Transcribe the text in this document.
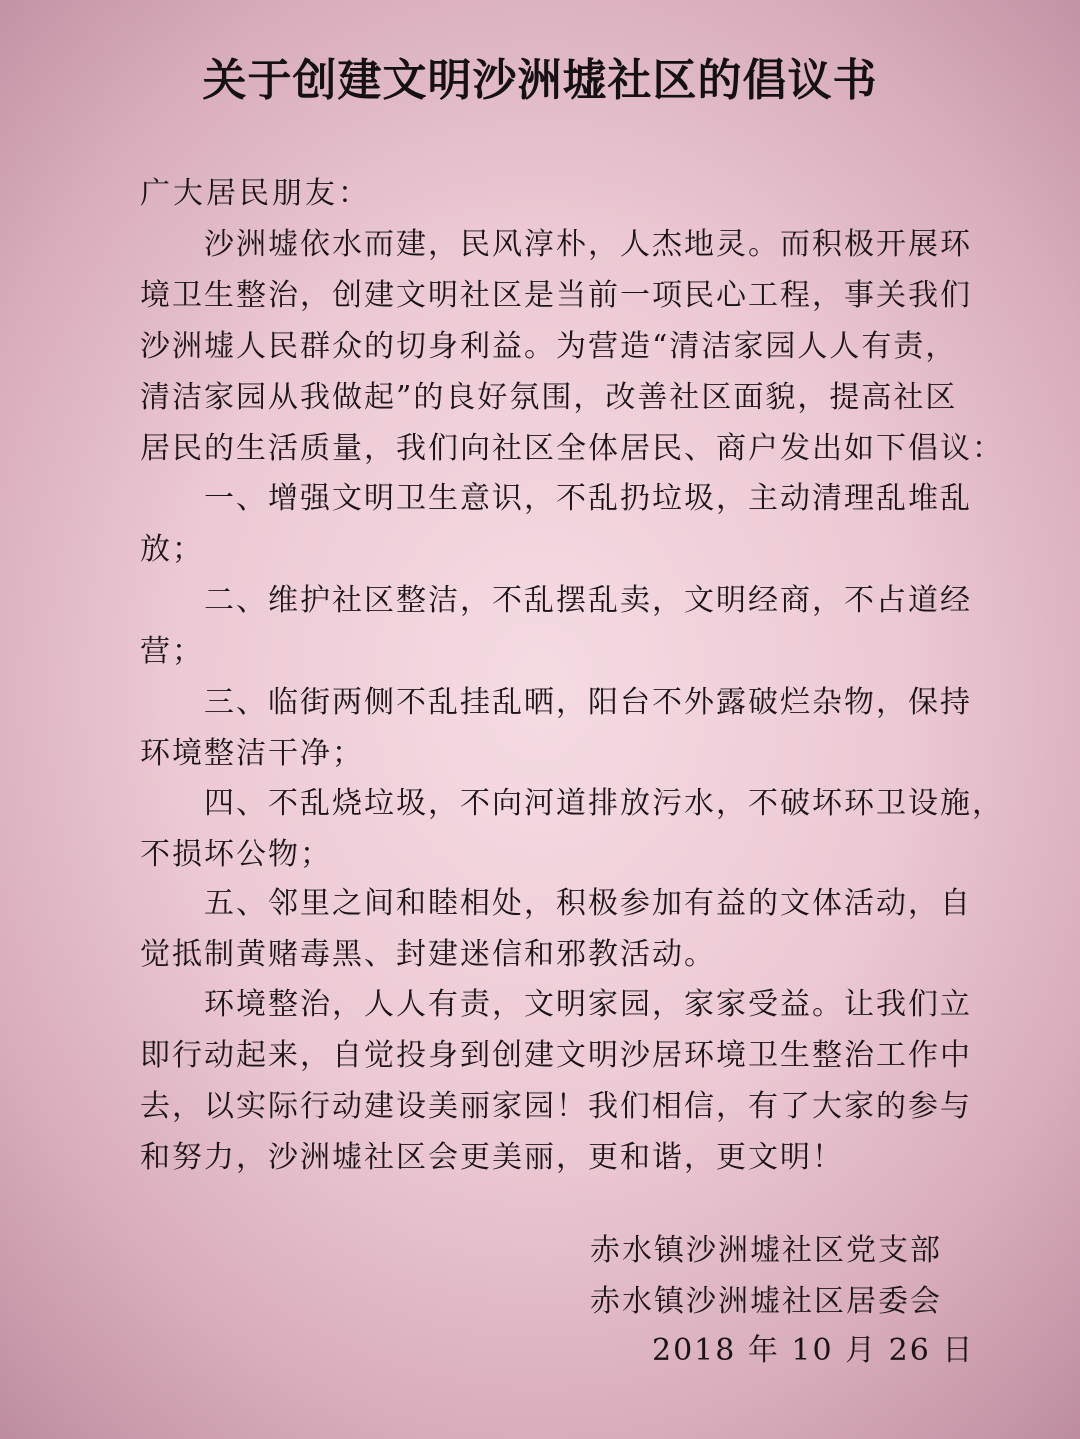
关于创建文明沙洲墟社区的倡议书
广大居民朋友：
　　沙洲墟依水而建，民风淳朴，人杰地灵。而积极开展环
境卫生整治，创建文明社区是当前一项民心工程，事关我们
沙洲墟人民群众的切身利益。为营造“清洁家园人人有责，
清洁家园从我做起”的良好氛围，改善社区面貌，提高社区
居民的生活质量，我们向社区全体居民、商户发出如下倡议：
　　一、增强文明卫生意识，不乱扔垃圾，主动清理乱堆乱
放；
　　二、维护社区整洁，不乱摆乱卖，文明经商，不占道经
营；
　　三、临街两侧不乱挂乱晒，阳台不外露破烂杂物，保持
环境整洁干净；
　　四、不乱烧垃圾，不向河道排放污水，不破坏环卫设施，
不损坏公物；
　　五、邻里之间和睦相处，积极参加有益的文体活动，自
觉抵制黄赌毒黑、封建迷信和邪教活动。
　　环境整治，人人有责，文明家园，家家受益。让我们立
即行动起来，自觉投身到创建文明沙居环境卫生整治工作中
去，以实际行动建设美丽家园！我们相信，有了大家的参与
和努力，沙洲墟社区会更美丽，更和谐，更文明！
赤水镇沙洲墟社区党支部
赤水镇沙洲墟社区居委会
2018 年 10 月 26 日
